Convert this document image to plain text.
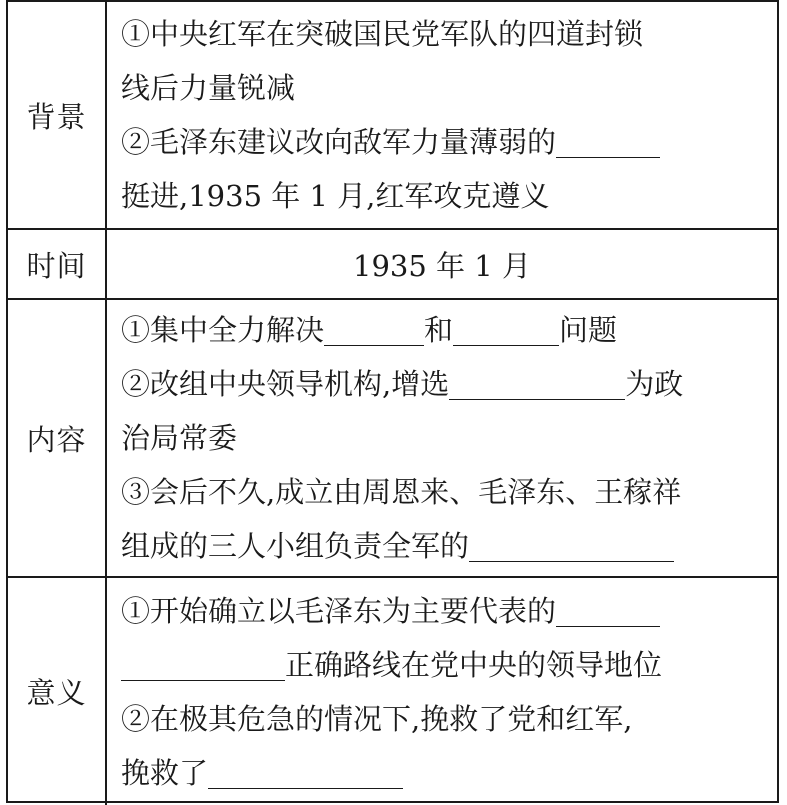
背景	①中央红军在突破国民党军队的四道封锁
线后力量锐减
②毛泽东建议改向敌军力量薄弱的
挺进,1935 年 1 月,红军攻克遵义

时间	1935 年 1 月
内容	①集中全力解决 和 问题
②改组中央领导机构,增选 为政
治局常委
③会后不久,成立由周恩来、毛泽东、王稼祥
组成的三人小组负责全军的

意义	①开始确立以毛泽东为主要代表的
正确路线在党中央的领导地位
②在极其危急的情况下,挽救了党和红军,
挽救了
